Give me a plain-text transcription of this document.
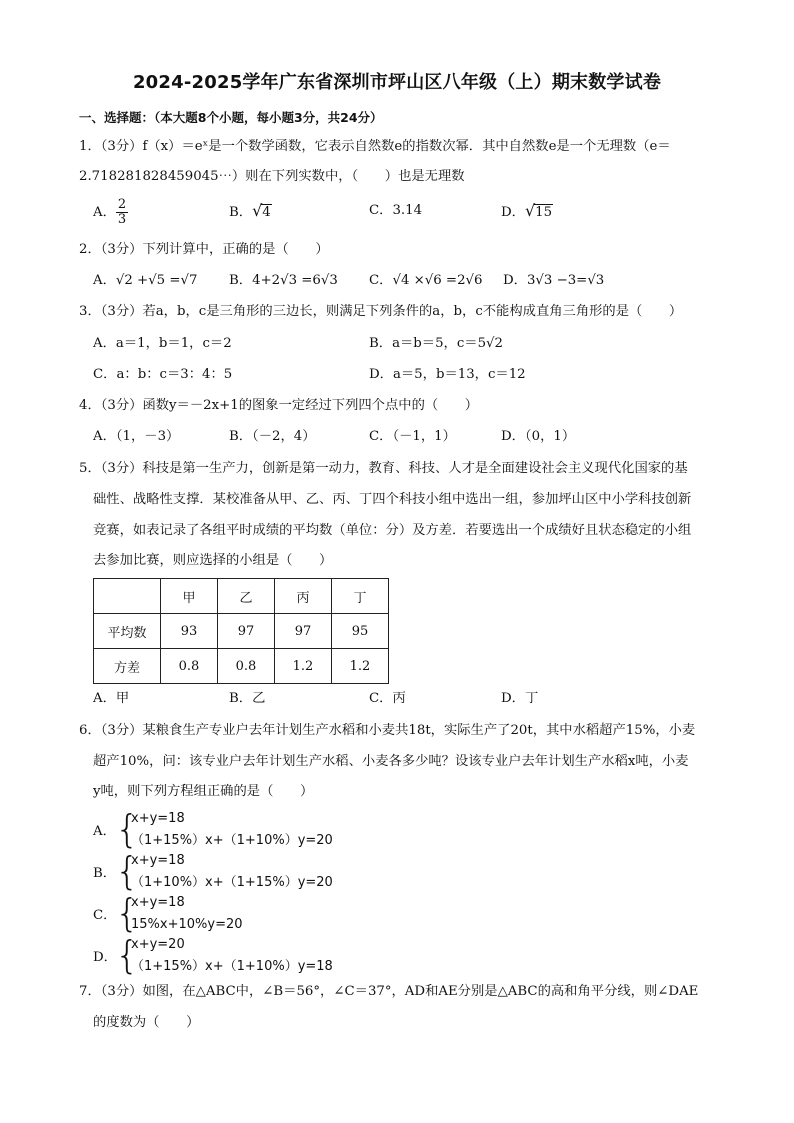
2024-2025学年广东省深圳市坪山区八年级（上）期末数学试卷
一、选择题：（本大题8个小题，每小题3分，共24分）
1．（3分）f（x）＝eˣ是一个数学函数，它表示自然数e的指数次幂．其中自然数e是一个无理数（e＝
2.718281828459045⋯）则在下列实数中，（　　）也是无理数
A． $\frac{2}{3}$	B．√4	C．3.14	D．√15
2．（3分）下列计算中，正确的是（　　）
A．√2 +√5 =√7 B．4+2√3 =6√3 C．√4 ×√6 =2√6 D．3√3 −3=√3
3．（3分）若a，b，c是三角形的三边长，则满足下列条件的a，b，c不能构成直角三角形的是（　　）
A．a＝1，b＝1，c＝2	B．a＝b＝5，c＝5√2
C．a：b：c＝3：4：5	D．a＝5，b＝13，c＝12
4．（3分）函数y＝－2x+1的图象一定经过下列四个点中的（　　）
A．（1，－3）	B．（－2，4）	C．（－1，1）	D．（0，1）
5．（3分）科技是第一生产力，创新是第一动力，教育、科技、人才是全面建设社会主义现代化国家的基
础性、战略性支撑．某校准备从甲、乙、丙、丁四个科技小组中选出一组，参加坪山区中小学科技创新
竞赛，如表记录了各组平时成绩的平均数（单位：分）及方差．若要选出一个成绩好且状态稳定的小组
去参加比赛，则应选择的小组是（　　）
	甲	乙	丙	丁
平均数	93	97	97	95
方差	0.8	0.8	1.2	1.2
A．甲	B．乙	C．丙	D．丁
6．（3分）某粮食生产专业户去年计划生产水稻和小麦共18t，实际生产了20t，其中水稻超产15%，小麦
超产10%，问：该专业户去年计划生产水稻、小麦各多少吨？设该专业户去年计划生产水稻x吨，小麦
y吨，则下列方程组正确的是（　　）
A． {
x+y=18
（1+15%）x+（1+10%）y=20
B．
{
x+y=18
（1+10%）x+（1+15%）y=20
C．
{
x+y=18
15%x+10%y=20
D．
{
x+y=20
（1+15%）x+（1+10%）y=18
7．（3分）如图，在△ABC中，∠B＝56°，∠C＝37°，AD和AE分别是△ABC的高和角平分线，则∠DAE
的度数为（　　）
